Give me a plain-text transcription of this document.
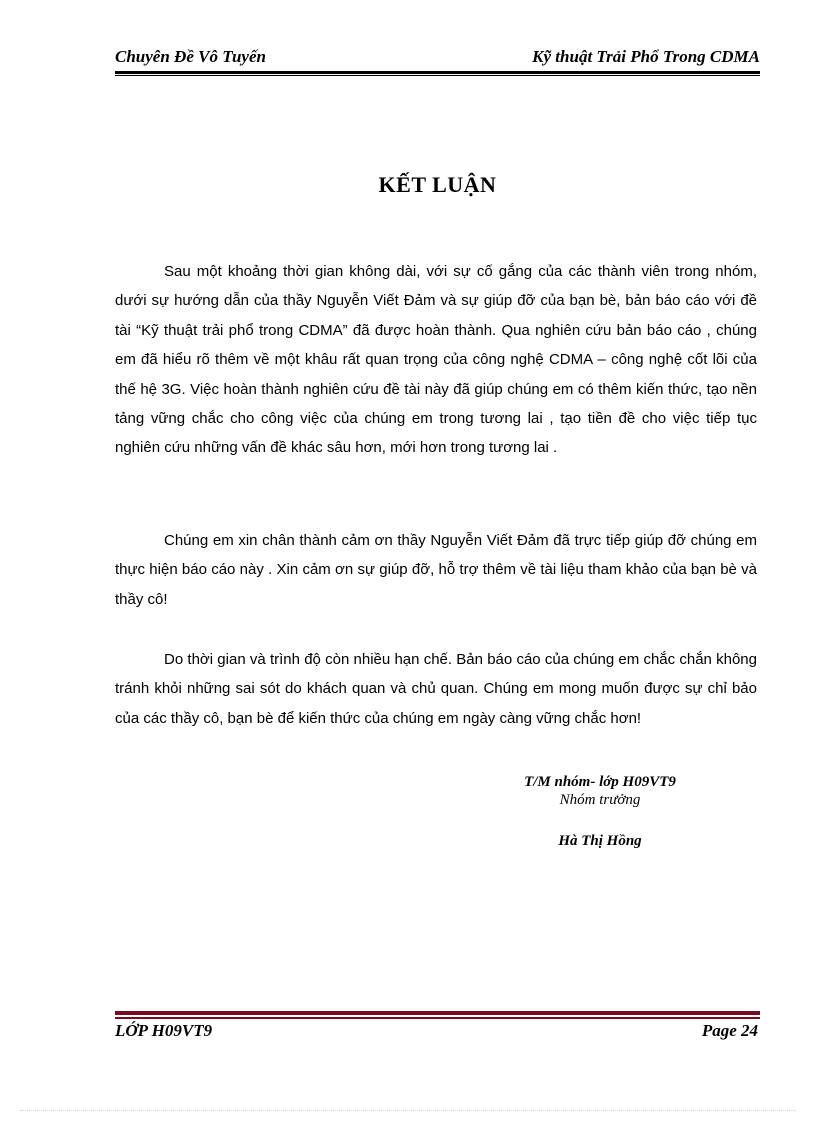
Chuyên Đề Vô Tuyến	Kỹ thuật Trải Phổ Trong CDMA
KẾT LUẬN

Sau một khoảng thời gian không dài, với sự cố gắng của các thành viên trong nhóm, dưới sự hướng dẫn của thầy Nguyễn Viết Đảm và sự giúp đỡ của bạn bè, bản báo cáo với đề tài “Kỹ thuật trải phổ trong CDMA” đã được hoàn thành. Qua nghiên cứu bản báo cáo , chúng em đã hiểu rõ thêm về một khâu rất quan trọng của công nghệ CDMA – công nghệ cốt lõi của thế hệ 3G. Việc hoàn thành nghiên cứu đề tài này đã giúp chúng em có thêm kiến thức, tạo nền tảng vững chắc cho công việc của chúng em trong tương lai , tạo tiền đề cho việc tiếp tục nghiên cứu những vấn đề khác sâu hơn, mới hơn trong tương lai .

Chúng em xin chân thành cảm ơn thầy Nguyễn Viết Đảm đã trực tiếp giúp đỡ chúng em thực hiện báo cáo này . Xin cảm ơn sự giúp đỡ, hỗ trợ thêm về tài liệu tham khảo của bạn bè và thầy cô!

Do thời gian và trình độ còn nhiều hạn chế. Bản báo cáo của chúng em chắc chắn không tránh khỏi những sai sót do khách quan và chủ quan. Chúng em mong muốn được sự chỉ bảo của các thầy cô, bạn bè để kiến thức của chúng em ngày càng vững chắc hơn!

T/M nhóm- lớp H09VT9
Nhóm trưởng
Hà Thị Hồng
LỚP H09VT9	Page 24
